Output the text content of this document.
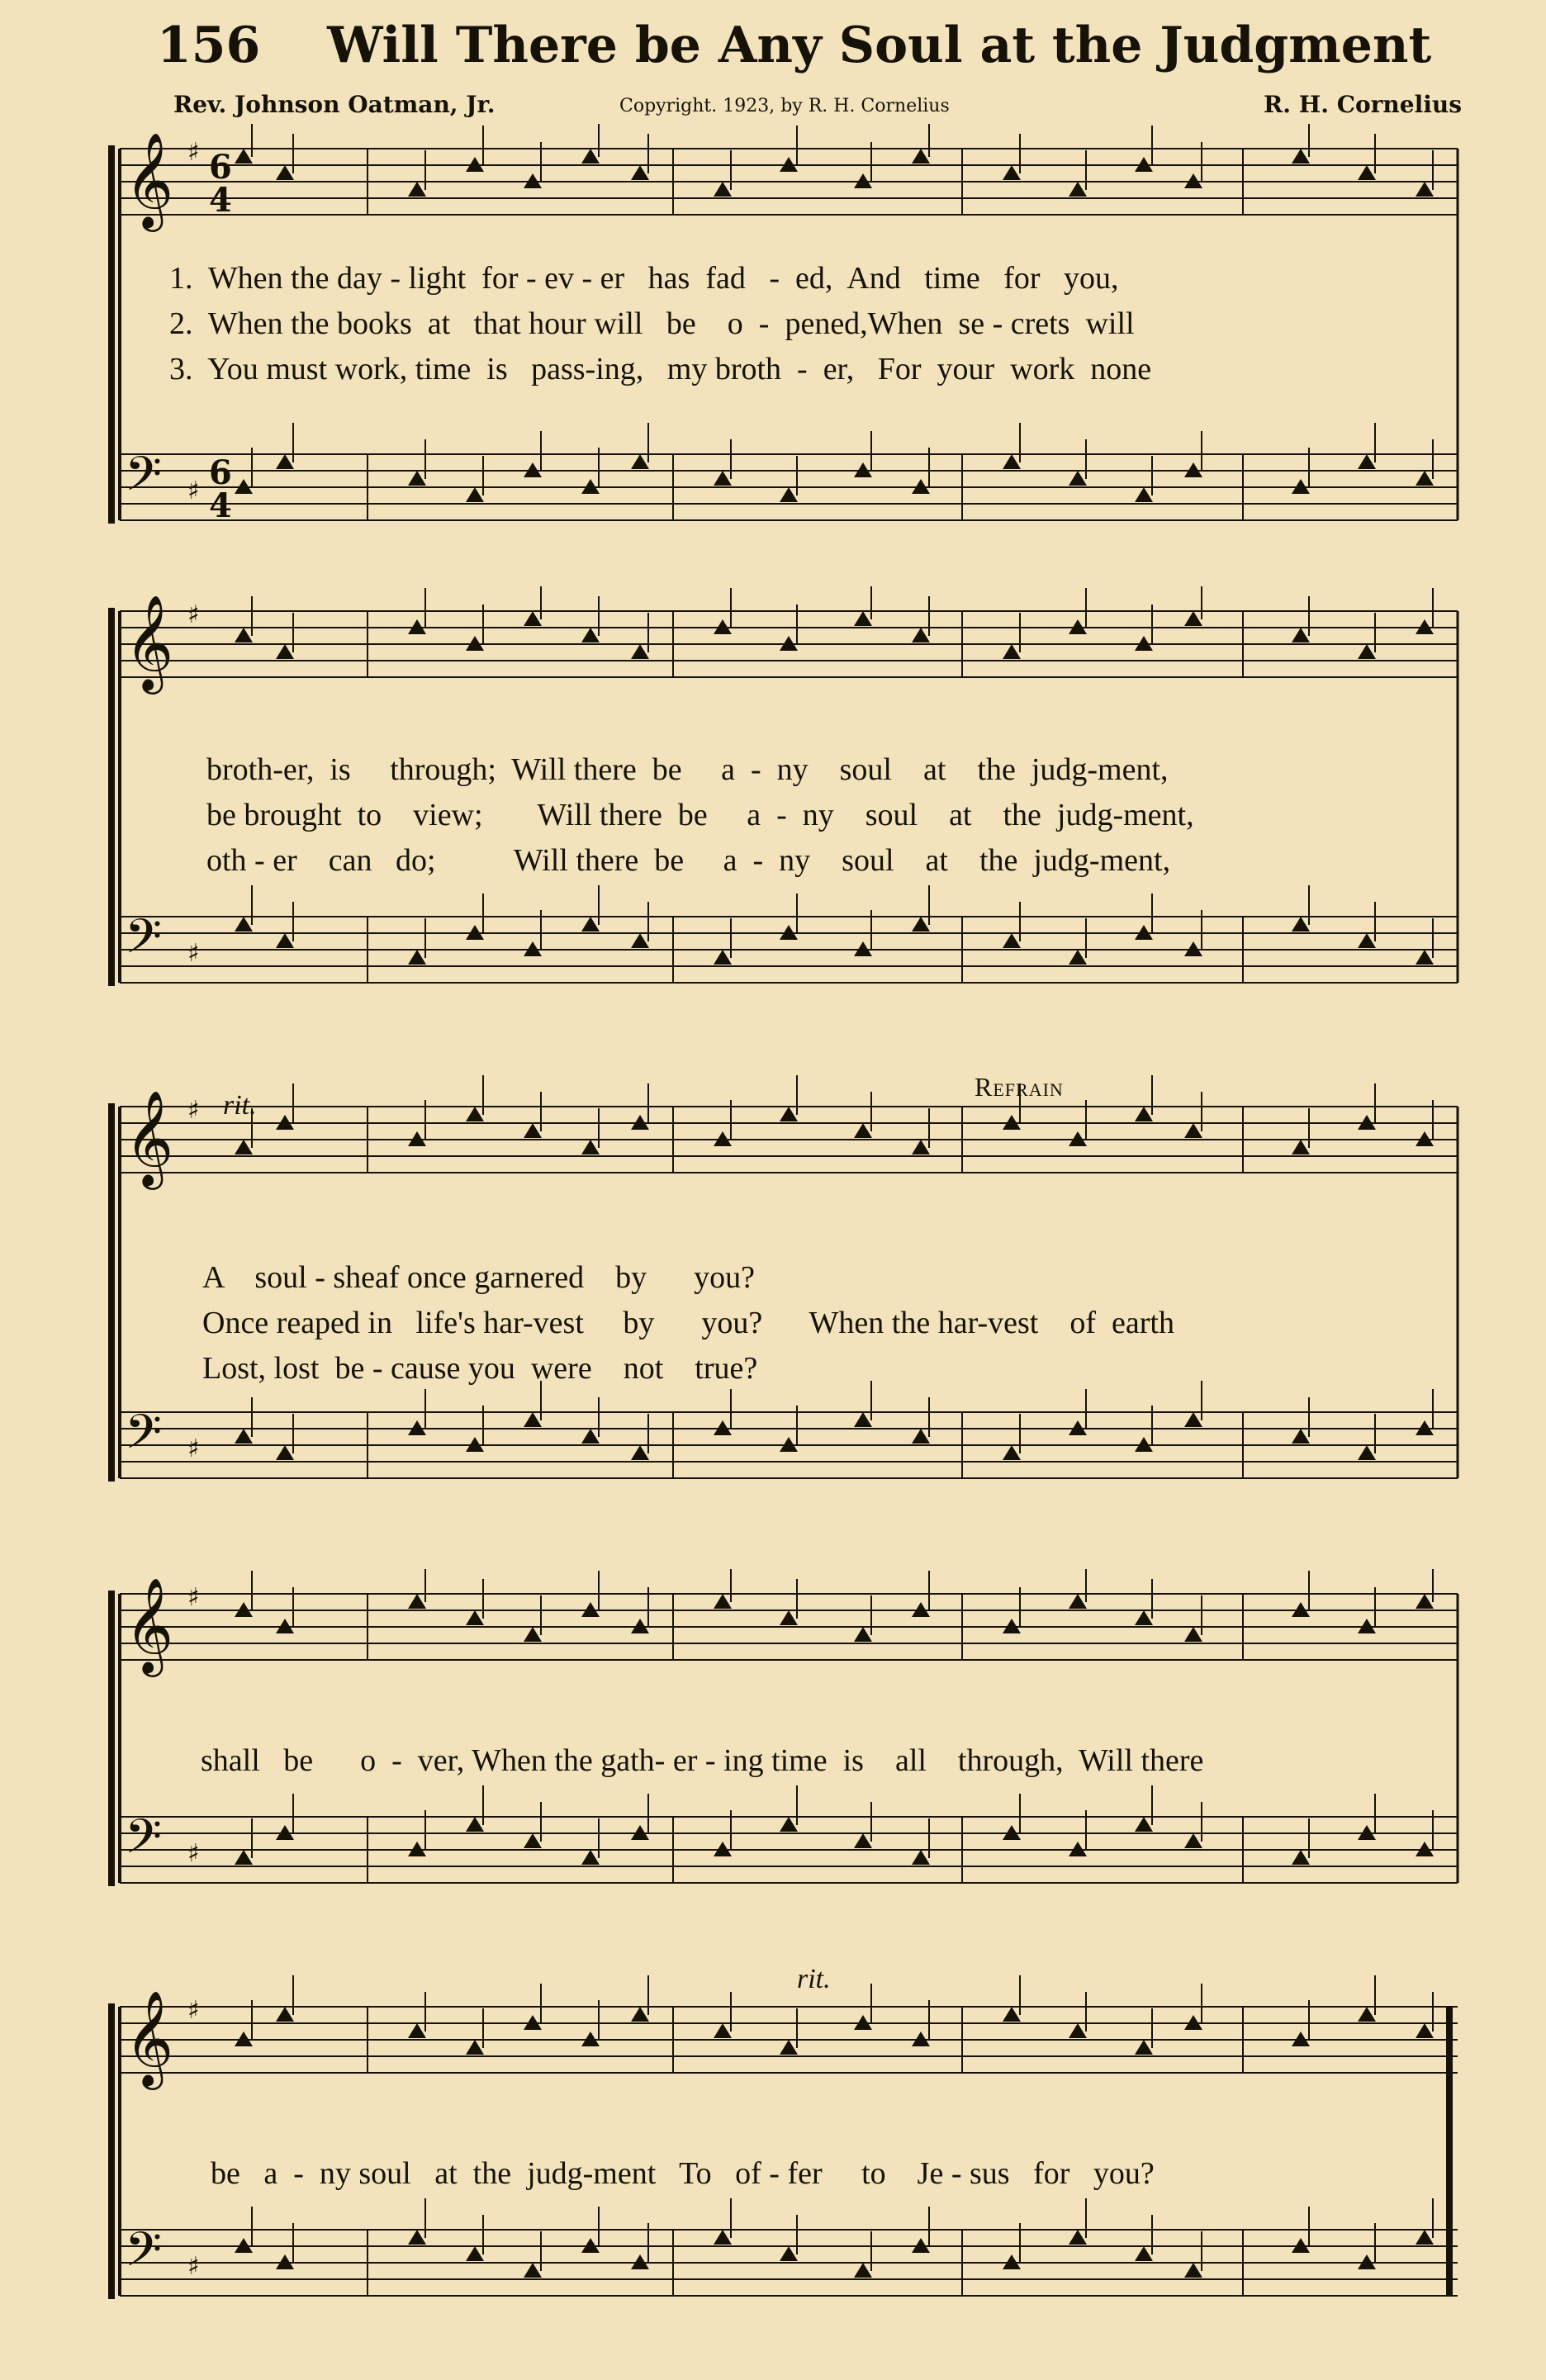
156 Will There be Any Soul at the Judgment
Rev. Johnson Oatman, Jr.	Copyright. 1923, by R. H. Cornelius	R. H. Cornelius
𝄞 ♯ 6
4
𝄢 ♯ 6
4
1.  When the day - light  for - ev - er   has  fad   -  ed,  And   time   for   you,
2.  When the books  at   that hour will   be    o  -  pened,When  se - crets  will
3.  You must work, time  is   pass-ing,   my broth  -  er,   For  your  work  none
𝄞 ♯
𝄢 ♯
broth-er,  is     through;  Will there  be     a  -  ny    soul    at    the  judg-ment,
be brought  to    view;       Will there  be     a  -  ny    soul    at    the  judg-ment,
oth - er    can   do;          Will there  be     a  -  ny    soul    at    the  judg-ment,
rit.
Refrain
𝄞 ♯
𝄢 ♯
A    soul - sheaf once garnered    by      you?
Once reaped in   life's har-vest     by      you?      When the har-vest    of  earth
Lost, lost  be - cause you  were    not    true?
𝄞 ♯
𝄢 ♯
shall   be      o  -  ver, When the gath- er - ing time  is    all    through,  Will there
rit.
𝄞 ♯
𝄢 ♯
be   a  -  ny soul   at  the  judg-ment   To   of - fer     to    Je - sus   for   you?
